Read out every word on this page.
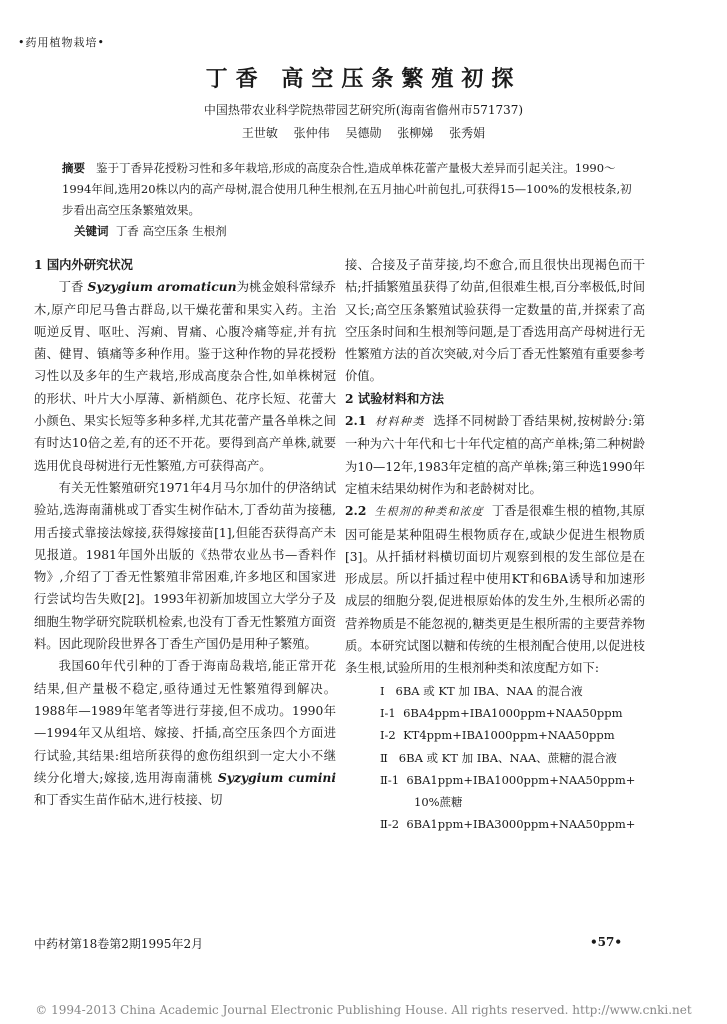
•药用植物栽培•
丁香 高空压条繁殖初探
中国热带农业科学院热带园艺研究所(海南省儋州市571737)
王世敏 张仲伟 吴德勋 张柳娣 张秀娟
摘要 鉴于丁香异花授粉习性和多年栽培,形成的高度杂合性,造成单株花蕾产量极大差异而引起关注。1990～1994年间,选用20株以内的高产母树,混合使用几种生根剂,在五月抽心叶前包扎,可获得15—100%的发根枝条,初步看出高空压条繁殖效果。
关键词 丁香 高空压条 生根剂

1 国内外研究状况

丁香 Syzygium aromaticun为桃金娘科常绿乔木,原产印尼马鲁古群岛,以干燥花蕾和果实入药。主治呃逆反胃、呕吐、泻痢、胃痛、心腹冷痛等症,并有抗菌、健胃、镇痛等多种作用。鉴于这种作物的异花授粉习性以及多年的生产栽培,形成高度杂合性,如单株树冠的形状、叶片大小厚薄、新梢颜色、花序长短、花蕾大小颜色、果实长短等多种多样,尤其花蕾产量各单株之间有时达10倍之差,有的还不开花。要得到高产单株,就要选用优良母树进行无性繁殖,方可获得高产。

有关无性繁殖研究1971年4月马尔加什的伊洛纳试验站,选海南蒲桃或丁香实生树作砧木,丁香幼苗为接穗,用舌接式靠接法嫁接,获得嫁接苗[1],但能否获得高产未见报道。1981年国外出版的《热带农业丛书—香料作物》,介绍了丁香无性繁殖非常困难,许多地区和国家进行尝试均告失败[2]。1993年初新加坡国立大学分子及细胞生物学研究院联机检索,也没有丁香无性繁殖方面资料。因此现阶段世界各丁香生产国仍是用种子繁殖。

我国60年代引种的丁香于海南岛栽培,能正常开花结果,但产量极不稳定,亟待通过无性繁殖得到解决。1988年—1989年笔者等进行芽接,但不成功。1990年—1994年又从组培、嫁接、扦插,高空压条四个方面进行试验,其结果:组培所获得的愈伤组织到一定大小不继续分化增大;嫁接,选用海南蒲桃 Syzygium cumini 和丁香实生苗作砧木,进行枝接、切

接、合接及子苗芽接,均不愈合,而且很快出现褐色而干枯;扦插繁殖虽获得了幼苗,但很难生根,百分率极低,时间又长;高空压条繁殖试验获得一定数量的苗,并探索了高空压条时间和生根剂等问题,是丁香选用高产母树进行无性繁殖方法的首次突破,对今后丁香无性繁殖有重要参考价值。

2 试验材料和方法

2.1 材料种类 选择不同树龄丁香结果树,按树龄分:第一种为六十年代和七十年代定植的高产单株;第二种树龄为10—12年,1983年定植的高产单株;第三种选1990年定植未结果幼树作为和老龄树对比。

2.2 生根剂的种类和浓度 丁香是很难生根的植物,其原因可能是某种阻碍生根物质存在,或缺少促进生根物质[3]。从扦插材料横切面切片观察到根的发生部位是在形成层。所以扦插过程中使用KT和6BA诱导和加速形成层的细胞分裂,促进根原始体的发生外,生根所必需的营养物质是不能忽视的,糖类更是生根所需的主要营养物质。本研究试图以糖和传统的生根剂配合使用,以促进枝条生根,试验所用的生根剂种类和浓度配方如下:

Ⅰ 6BA 或 KT 加 IBA、NAA 的混合液

Ⅰ-1 6BA4ppm+IBA1000ppm+NAA50ppm

Ⅰ-2 KT4ppm+IBA1000ppm+NAA50ppm

Ⅱ 6BA 或 KT 加 IBA、NAA、蔗糖的混合液

Ⅱ-1 6BA1ppm+IBA1000ppm+NAA50ppm+

10%蔗糖

Ⅱ-2 6BA1ppm+IBA3000ppm+NAA50ppm+

中药材第18卷第2期1995年2月	•57•
© 1994-2013 China Academic Journal Electronic Publishing House. All rights reserved. http://www.cnki.net
